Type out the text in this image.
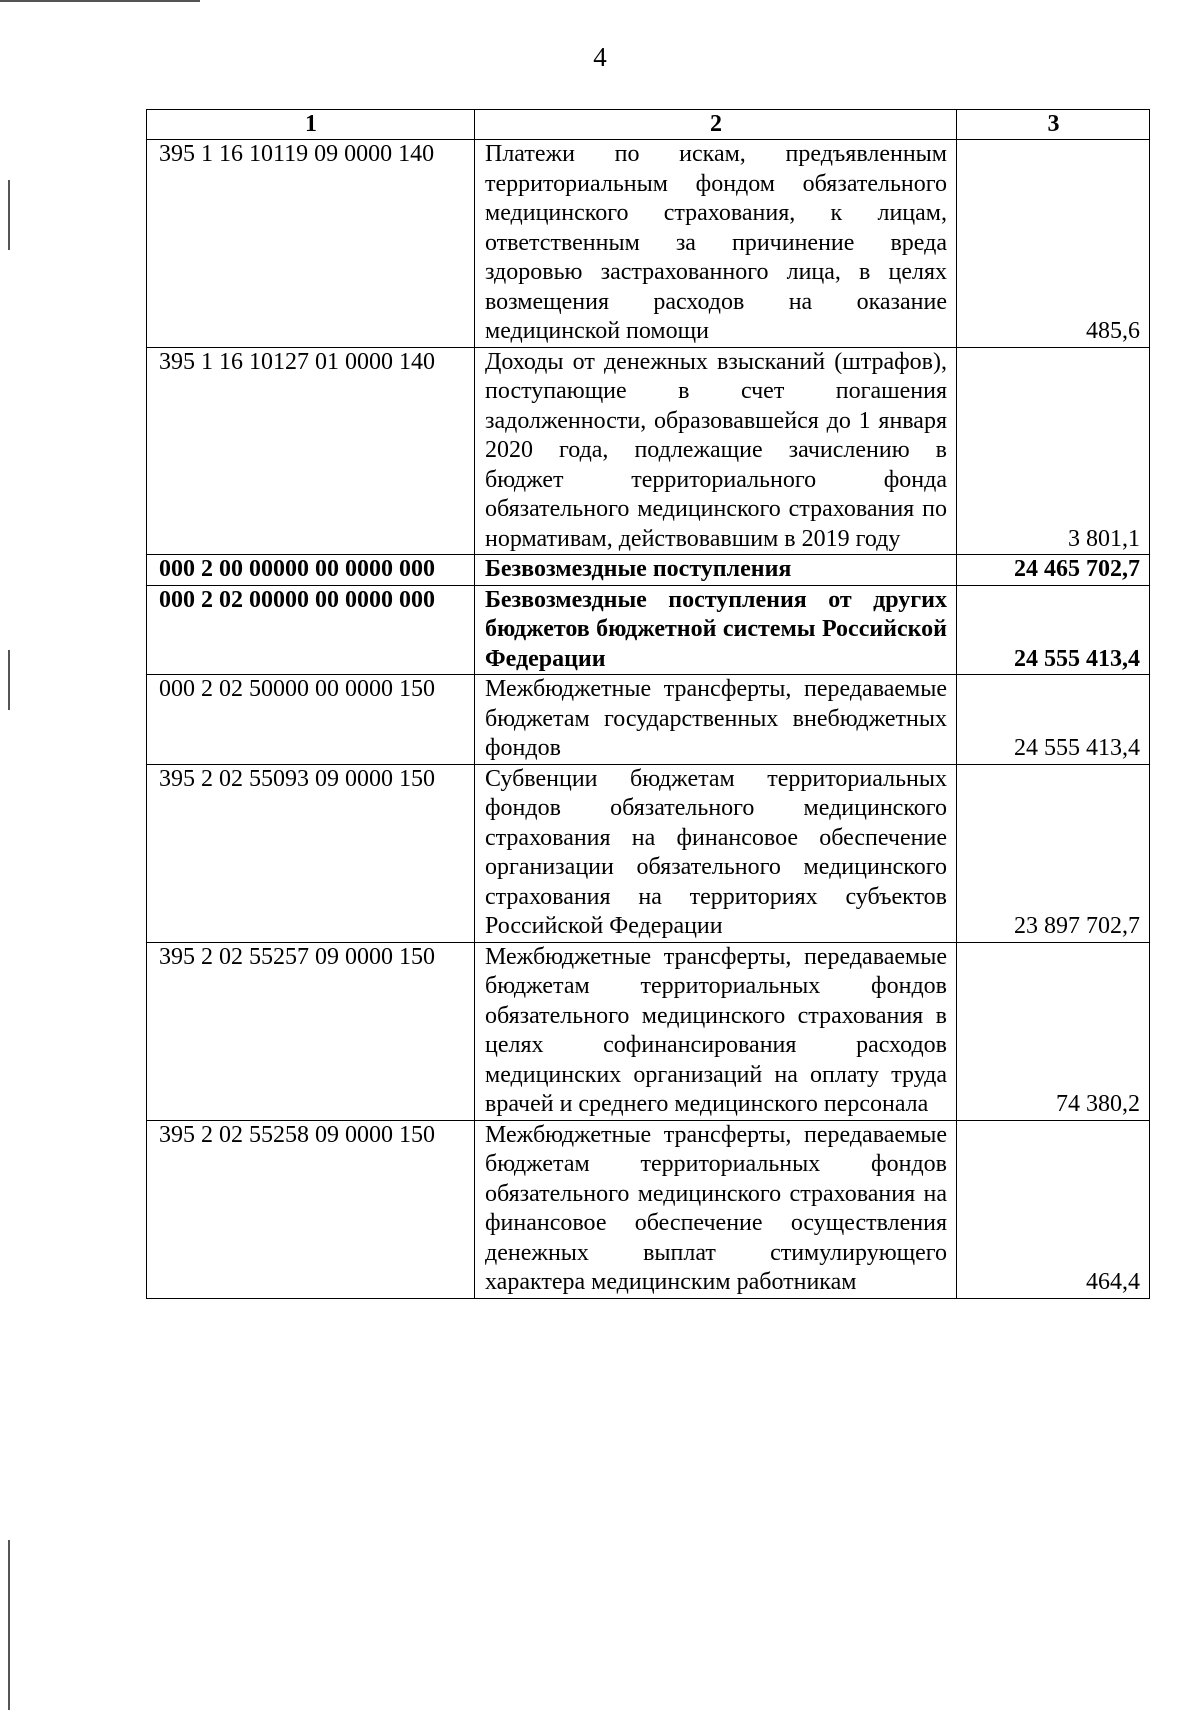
4
1	2	3
395 1 16 10119 09 0000 140	Платежи по искам, предъявленным территориальным фондом обязательного медицинского страхования, к лицам, ответственным за причинение вреда здоровью застрахованного лица, в целях возмещения расходов на оказание медицинской помощи	485,6
395 1 16 10127 01 0000 140	Доходы от денежных взысканий (штрафов), поступающие в счет погашения задолженности, образовавшейся до 1 января 2020 года, подлежащие зачислению в бюджет территориального фонда обязательного медицинского страхования по нормативам, действовавшим в 2019 году	3 801,1
000 2 00 00000 00 0000 000	Безвозмездные поступления	24 465 702,7
000 2 02 00000 00 0000 000	Безвозмездные поступления от других бюджетов бюджетной системы Российской Федерации	24 555 413,4
000 2 02 50000 00 0000 150	Межбюджетные трансферты, передаваемые бюджетам государственных внебюджетных фондов	24 555 413,4
395 2 02 55093 09 0000 150	Субвенции бюджетам территориальных фондов обязательного медицинского страхования на финансовое обеспечение организации обязательного медицинского страхования на территориях субъектов Российской Федерации	23 897 702,7
395 2 02 55257 09 0000 150	Межбюджетные трансферты, передаваемые бюджетам территориальных фондов обязательного медицинского страхования в целях софинансирования расходов медицинских организаций на оплату труда врачей и среднего медицинского персонала	74 380,2
395 2 02 55258 09 0000 150	Межбюджетные трансферты, передаваемые бюджетам территориальных фондов обязательного медицинского страхования на финансовое обеспечение осуществления денежных выплат стимулирующего характера медицинским работникам	464,4
